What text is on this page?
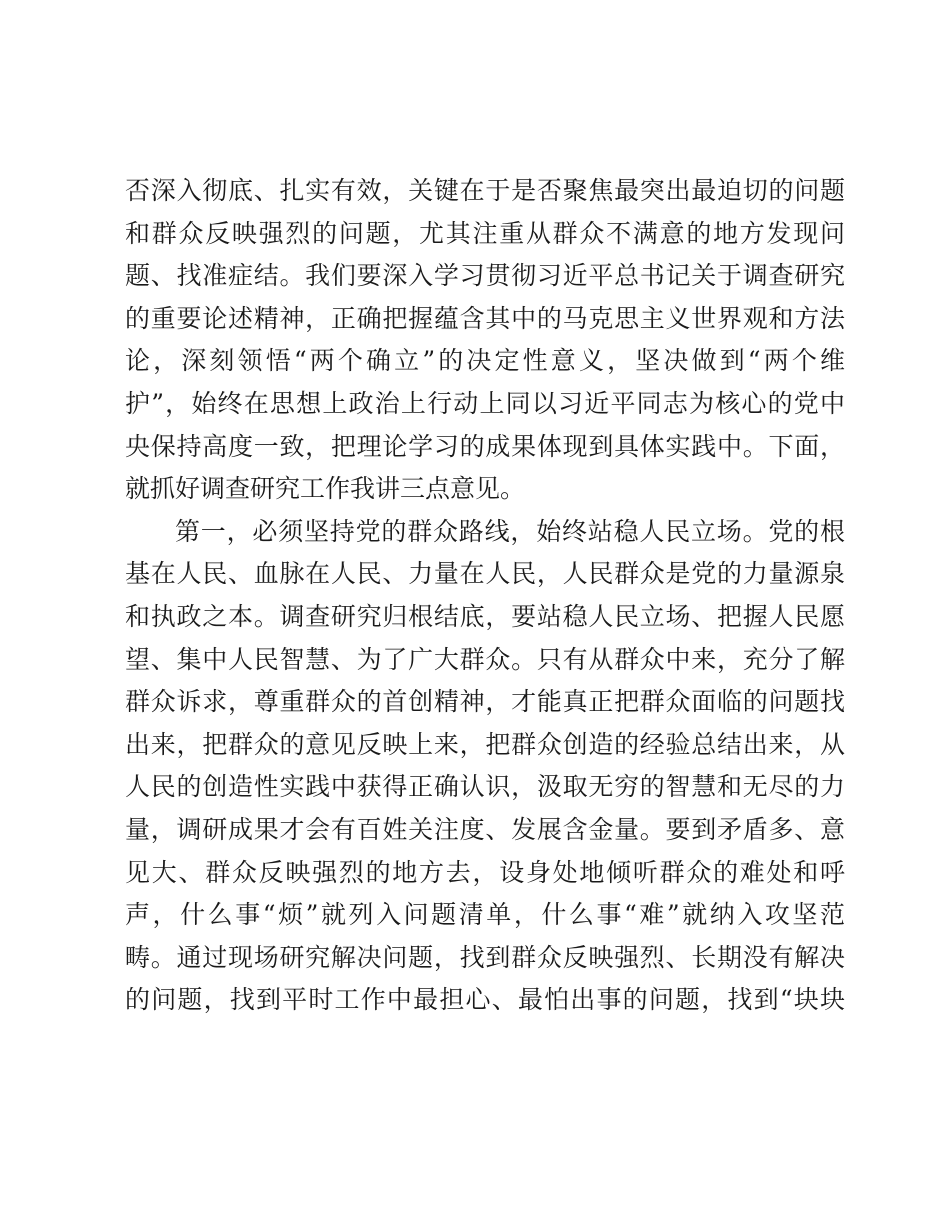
否深入彻底、扎实有效，关键在于是否聚焦最突出最迫切的问题
和群众反映强烈的问题，尤其注重从群众不满意的地方发现问
题、找准症结。我们要深入学习贯彻习近平总书记关于调查研究
的重要论述精神，正确把握蕴含其中的马克思主义世界观和方法
论，深刻领悟“两个确立”的决定性意义，坚决做到“两个维
护”，始终在思想上政治上行动上同以习近平同志为核心的党中
央保持高度一致，把理论学习的成果体现到具体实践中。下面，
就抓好调查研究工作我讲三点意见。
第一，必须坚持党的群众路线，始终站稳人民立场。党的根
基在人民、血脉在人民、力量在人民，人民群众是党的力量源泉
和执政之本。调查研究归根结底，要站稳人民立场、把握人民愿
望、集中人民智慧、为了广大群众。只有从群众中来，充分了解
群众诉求，尊重群众的首创精神，才能真正把群众面临的问题找
出来，把群众的意见反映上来，把群众创造的经验总结出来，从
人民的创造性实践中获得正确认识，汲取无穷的智慧和无尽的力
量，调研成果才会有百姓关注度、发展含金量。要到矛盾多、意
见大、群众反映强烈的地方去，设身处地倾听群众的难处和呼
声，什么事“烦”就列入问题清单，什么事“难”就纳入攻坚范
畴。通过现场研究解决问题，找到群众反映强烈、长期没有解决
的问题，找到平时工作中最担心、最怕出事的问题，找到“块块
